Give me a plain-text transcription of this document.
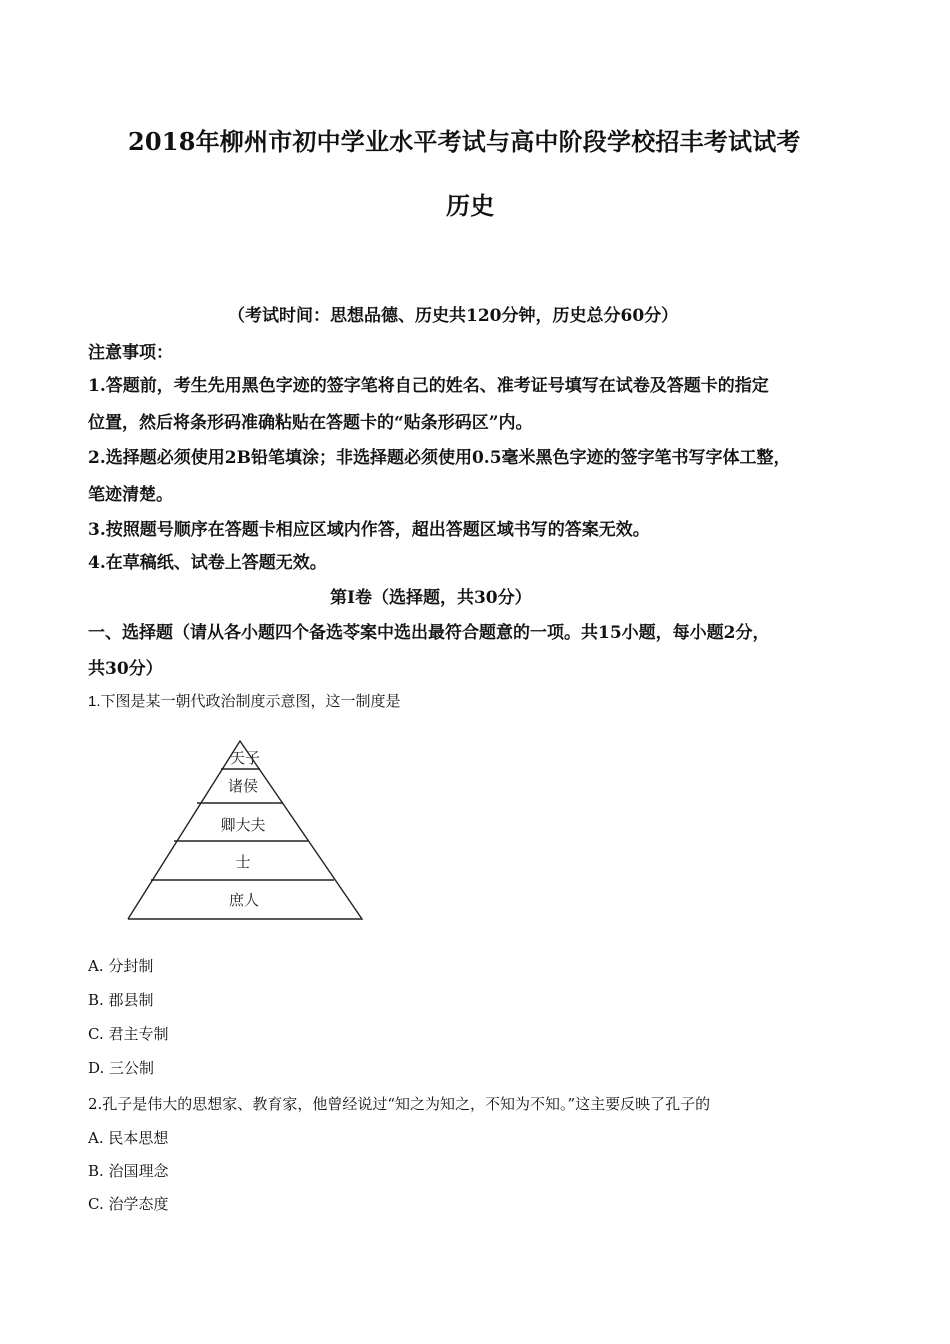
2018年柳州市初中学业水平考试与高中阶段学校招丰考试试考
历史
（考试时间：思想品德、历史共120分钟，历史总分60分）
注意事项：
1.答题前，考生先用黑色字迹的签字笔将自己的姓名、准考证号填写在试卷及答题卡的指定
位置，然后将条形码准确粘贴在答题卡的“贴条形码区”内。
2.选择题必须使用2B铅笔填涂；非选择题必须使用0.5毫米黑色字迹的签字笔书写字体工整，
笔迹清楚。
3.按照题号顺序在答题卡相应区域内作答，超出答题区域书写的答案无效。
4.在草稿纸、试卷上答题无效。
第Ⅰ卷（选择题，共30分）
一、选择题（请从各小题四个备选苓案中选出最符合题意的一项。共15小题，每小题2分，
共30分）
1.下图是某一朝代政治制度示意图，这一制度是
天子
诸侯
卿大夫
士
庶人
A. 分封制
B. 郡县制
C. 君主专制
D. 三公制
2.孔子是伟大的思想家、教育家，他曾经说过“知之为知之，不知为不知。”这主要反映了孔子的
A. 民本思想
B. 治国理念
C. 治学态度
